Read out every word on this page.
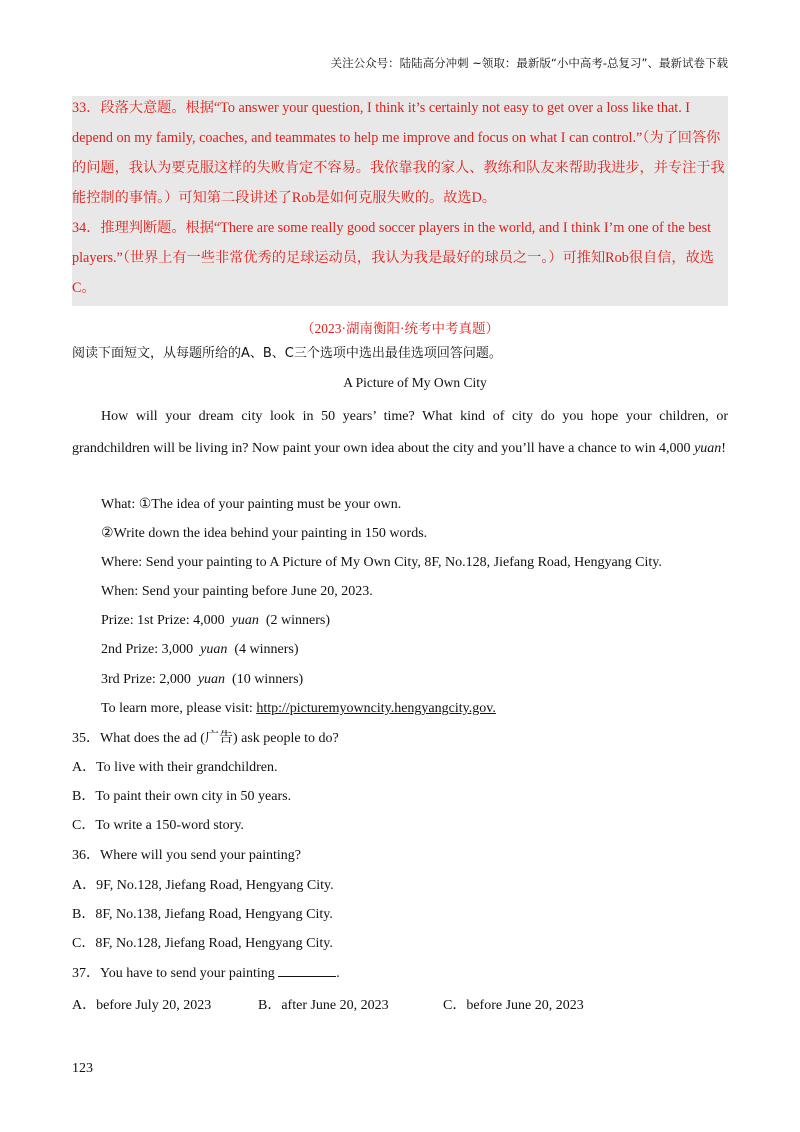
关注公众号：陆陆高分冲刺 ~领取：最新版“小中高考-总复习”、最新试卷下载

33．段落大意题。根据“To answer your question, I think it’s certainly not easy to get over a loss like that. I depend on my family, coaches, and teammates to help me improve and focus on what I can control.”（为了回答你的问题，我认为要克服这样的失败肯定不容易。我依靠我的家人、教练和队友来帮助我进步，并专注于我能控制的事情。）可知第二段讲述了Rob是如何克服失败的。故选D。

34．推理判断题。根据“There are some really good soccer players in the world, and I think I’m one of the best players.”（世界上有一些非常优秀的足球运动员，我认为我是最好的球员之一。）可推知Rob很自信，故选C。

（2023·湖南衡阳·统考中考真题）
阅读下面短文，从每题所给的A、B、C三个选项中选出最佳选项回答问题。
A Picture of My Own City

How will your dream city look in 50 years’ time? What kind of city do you hope your children, or grandchildren will be living in? Now paint your own idea about the city and you’ll have a chance to win 4,000 yuan!

What: ①The idea of your painting must be your own.
②Write down the idea behind your painting in 150 words.
Where: Send your painting to A Picture of My Own City, 8F, No.128, Jiefang Road, Hengyang City.
When: Send your painting before June 20, 2023.
Prize: 1st Prize: 4,000 yuan (2 winners)
2nd Prize: 3,000 yuan (4 winners)
3rd Prize: 2,000 yuan (10 winners)
To learn more, please visit: http://picturemyowncity.hengyangcity.gov.
35．What does the ad (广告) ask people to do?
A．To live with their grandchildren.
B．To paint their own city in 50 years.
C．To write a 150-word story.
36．Where will you send your painting?
A．9F, No.128, Jiefang Road, Hengyang City.
B．8F, No.138, Jiefang Road, Hengyang City.
C．8F, No.128, Jiefang Road, Hengyang City.
37．You have to send your painting	.
A．before July 20, 2023	B．after June 20, 2023	C．before June 20, 2023
123
